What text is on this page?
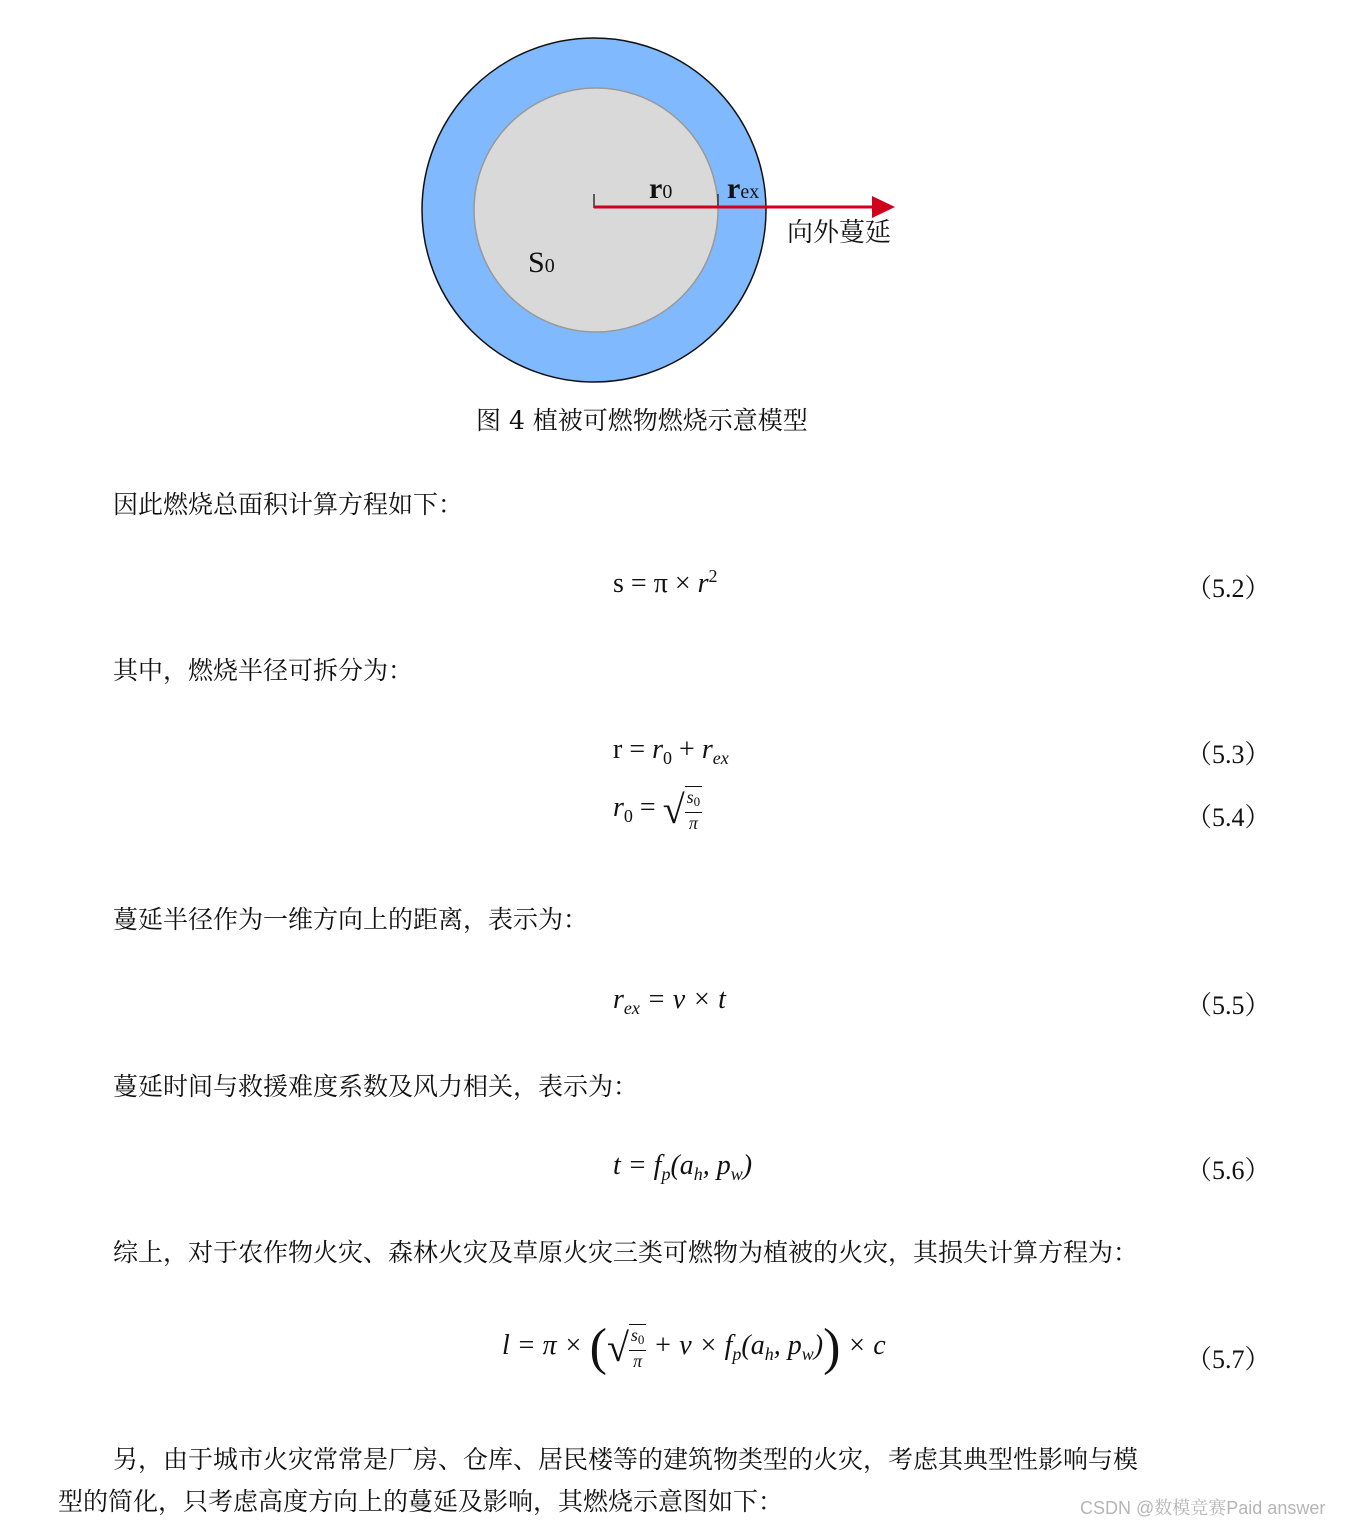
r0 rex
S0
向外蔓延
图 4 植被可燃物燃烧示意模型
因此燃烧总面积计算方程如下：
$s = \pi \times r^2$	（5.2）
其中，燃烧半径可拆分为：
$r = r_0 + r_{ex}$	（5.3）
$r_0$ = √ $\frac{s_0}{\pi}$	（5.4）
蔓延半径作为一维方向上的距离，表示为：
$r_{ex} = v \times t$	（5.5）
蔓延时间与救援难度系数及风力相关，表示为：
$t = f_p(a_h$, $p_w$)	（5.6）
综上，对于农作物火灾、森林火灾及草原火灾三类可燃物为植被的火灾，其损失计算方程为：
l = π × (√ $\frac{s_0}{\pi} + v \times f_p(a_h$, $p_w)) \times c$	（5.7）
另，由于城市火灾常常是厂房、仓库、居民楼等的建筑物类型的火灾，考虑其典型性影响与模
型的简化，只考虑高度方向上的蔓延及影响，其燃烧示意图如下：	CSDN @数模竞赛Paid answer
